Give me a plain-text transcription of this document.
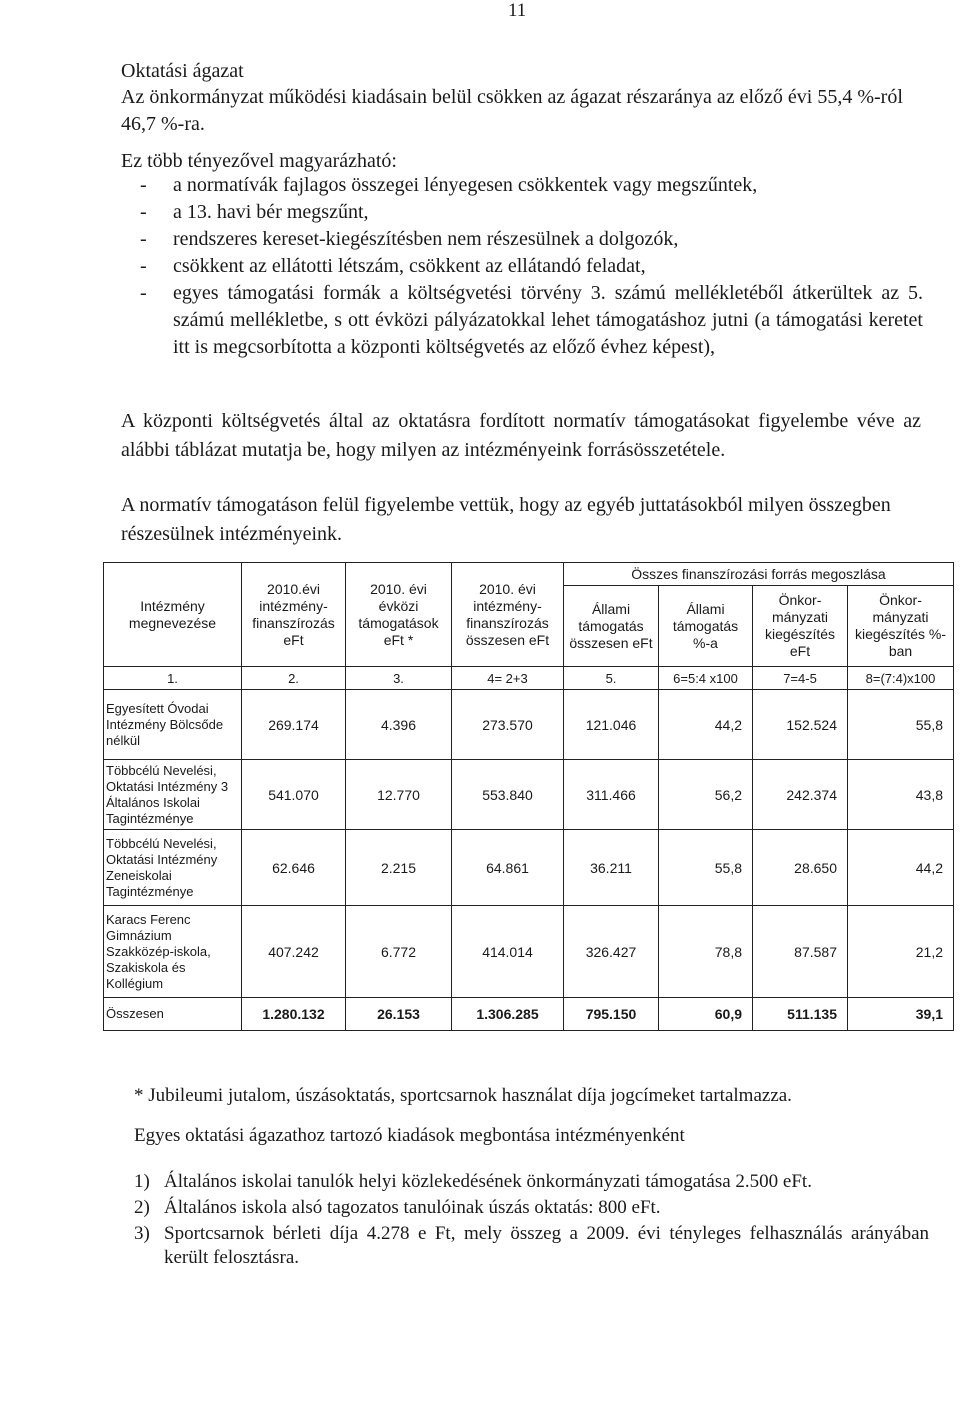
11
Oktatási ágazat
Az önkormányzat működési kiadásain belül csökken az ágazat részaránya az előző évi 55,4 %-ról 46,7 %-ra.
Ez több tényezővel magyarázható:
- a normatívák fajlagos összegei lényegesen csökkentek vagy megszűntek,
- a 13. havi bér megszűnt,
- rendszeres kereset-kiegészítésben nem részesülnek a dolgozók,
- csökkent az ellátotti létszám, csökkent az ellátandó feladat,
- egyes támogatási formák a költségvetési törvény 3. számú mellékletéből átkerültek az 5. számú mellékletbe, s ott évközi pályázatokkal lehet támogatáshoz jutni (a támogatási keretet itt is megcsorbította a központi költségvetés az előző évhez képest),
A központi költségvetés által az oktatásra fordított normatív támogatásokat figyelembe véve az alábbi táblázat mutatja be, hogy milyen az intézményeink forrásösszetétele.
A normatív támogatáson felül figyelembe vettük, hogy az egyéb juttatásokból milyen összegben részesülnek intézményeink.
Intézmény megnevezése	2010.évi intézmény-finanszírozás eFt	2010. évi évközi támogatások eFt *	2010. évi intézmény-finanszírozás összesen eFt	Összes finanszírozási forrás megoszlása			
				Állami támogatás összesen eFt	Állami támogatás %-a	Önkor-mányzati kiegészítés eFt	Önkor-mányzati kiegészítés %-ban
1.	2.	3.	4= 2+3	5.	6=5:4 x100	7=4-5	8=(7:4)x100
Egyesített Óvodai Intézmény Bölcsőde nélkül	269.174	4.396	273.570	121.046	44,2	152.524	55,8
Többcélú Nevelési, Oktatási Intézmény 3 Általános Iskolai Tagintézménye	541.070	12.770	553.840	311.466	56,2	242.374	43,8
Többcélú Nevelési, Oktatási Intézmény Zeneiskolai Tagintézménye	62.646	2.215	64.861	36.211	55,8	28.650	44,2
Karacs Ferenc Gimnázium Szakközép-iskola, Szakiskola és Kollégium	407.242	6.772	414.014	326.427	78,8	87.587	21,2
Összesen	1.280.132	26.153	1.306.285	795.150	60,9	511.135	39,1
* Jubileumi jutalom, úszásoktatás, sportcsarnok használat díja jogcímeket tartalmazza.
Egyes oktatási ágazathoz tartozó kiadások megbontása intézményenként
1) Általános iskolai tanulók helyi közlekedésének önkormányzati támogatása 2.500 eFt.
2) Általános iskola alsó tagozatos tanulóinak úszás oktatás: 800 eFt.
3) Sportcsarnok bérleti díja 4.278 e Ft, mely összeg a 2009. évi tényleges felhasználás arányában került felosztásra.
